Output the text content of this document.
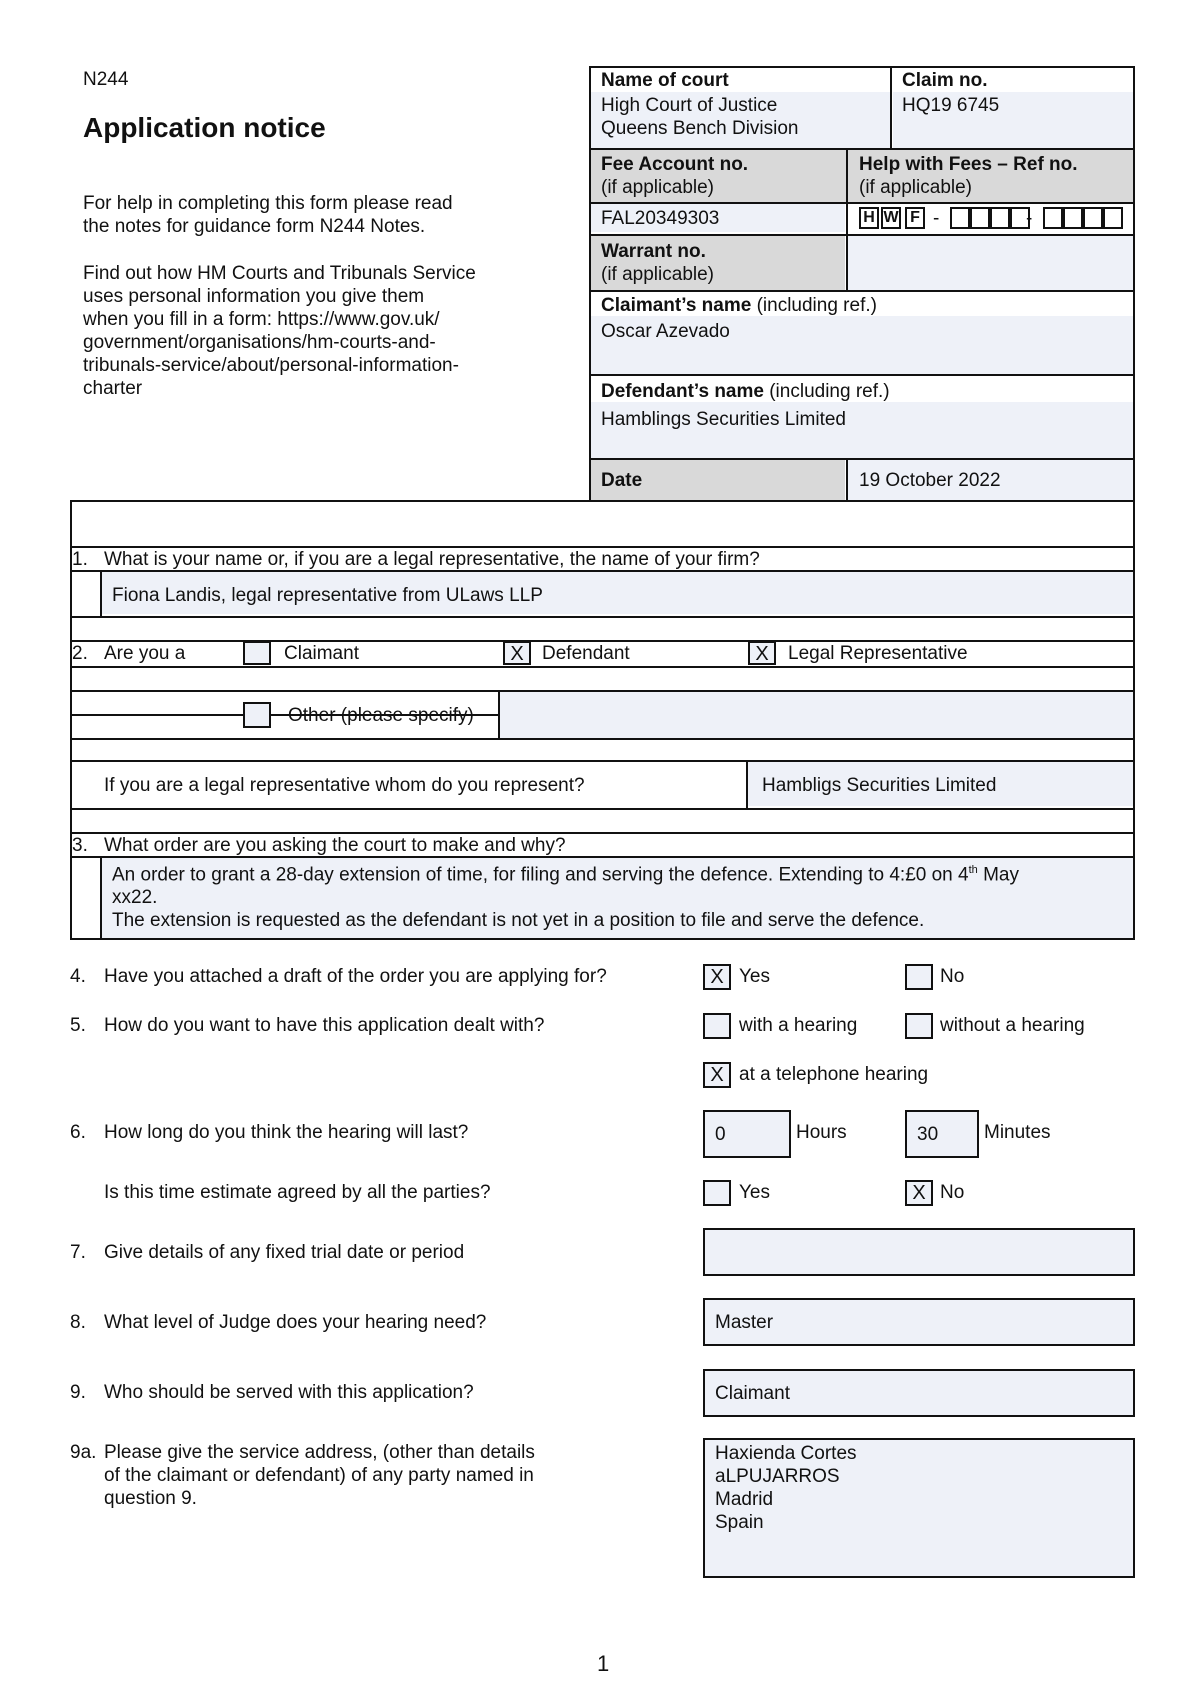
N244
Application notice
For help in completing this form please read
the notes for guidance form N244 Notes.
Find out how HM Courts and Tribunals Service
uses personal information you give them
when you fill in a form: https://www.gov.uk/
government/organisations/hm-courts-and-
tribunals-service/about/personal-information-
charter
Name of court
High Court of Justice
Queens Bench Division
Claim no.
HQ19 6745
Fee Account no.
(if applicable)
Help with Fees – Ref no.
(if applicable)
FAL20349303	H W F -	-
Warrant no.
(if applicable)
Claimant’s name (including ref.)
Oscar Azevado
Defendant’s name (including ref.)
Hamblings Securities Limited
Date	19 October 2022
1. What is your name or, if you are a legal representative, the name of your firm?
Fiona Landis, legal representative from ULaws LLP
2. Are you a	Claimant	X Defendant	X	Legal Representative
Other (please specify)
If you are a legal representative whom do you represent?	Hambligs Securities Limited
3. What order are you asking the court to make and why?
An order to grant a 28-day extension of time, for filing and serving the defence. Extending to 4:£0 on 4th May
xx22.
The extension is requested as the defendant is not yet in a position to file and serve the defence.
4. Have you attached a draft of the order you are applying for?	X Yes	No
5. How do you want to have this application dealt with?	with a hearing	without a hearing
X at a telephone hearing
6. How long do you think the hearing will last?	0	Hours	30	Minutes
Is this time estimate agreed by all the parties?	Yes	X No
7. Give details of any fixed trial date or period
8. What level of Judge does your hearing need?	Master
9. Who should be served with this application?	Claimant
9a. Please give the service address, (other than details
of the claimant or defendant) of any party named in
question 9.
Haxienda Cortes
aLPUJARROS
Madrid
Spain
1
